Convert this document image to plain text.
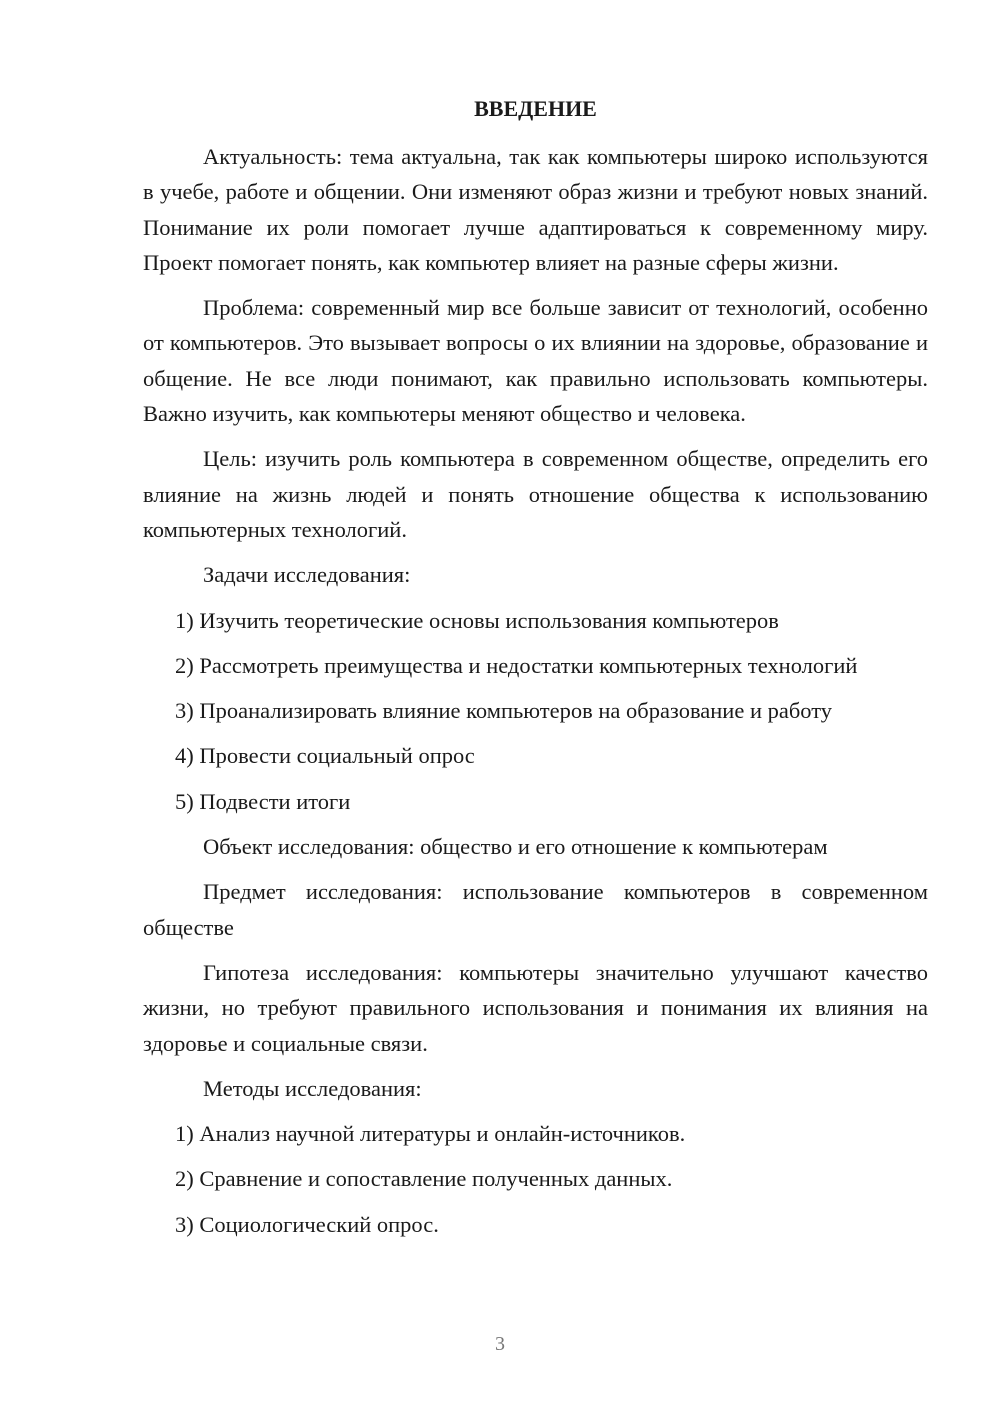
ВВЕДЕНИЕ

Актуальность: тема актуальна, так как компьютеры широко используются в учебе, работе и общении. Они изменяют образ жизни и требуют новых знаний. Понимание их роли помогает лучше адаптироваться к современному миру. Проект помогает понять, как компьютер влияет на разные сферы жизни.

Проблема: современный мир все больше зависит от технологий, особенно от компьютеров. Это вызывает вопросы о их влиянии на здоровье, образование и общение. Не все люди понимают, как правильно использовать компьютеры. Важно изучить, как компьютеры меняют общество и человека.

Цель: изучить роль компьютера в современном обществе, определить его влияние на жизнь людей и понять отношение общества к использованию компьютерных технологий.

Задачи исследования:

1) Изучить теоретические основы использования компьютеров
2) Рассмотреть преимущества и недостатки компьютерных технологий
3) Проанализировать влияние компьютеров на образование и работу
4) Провести социальный опрос
5) Подвести итоги

Объект исследования: общество и его отношение к компьютерам

Предмет исследования: использование компьютеров в современном обществе

Гипотеза исследования: компьютеры значительно улучшают качество жизни, но требуют правильного использования и понимания их влияния на здоровье и социальные связи.

Методы исследования:

1) Анализ научной литературы и онлайн-источников.
2) Сравнение и сопоставление полученных данных.
3) Социологический опрос.
3
